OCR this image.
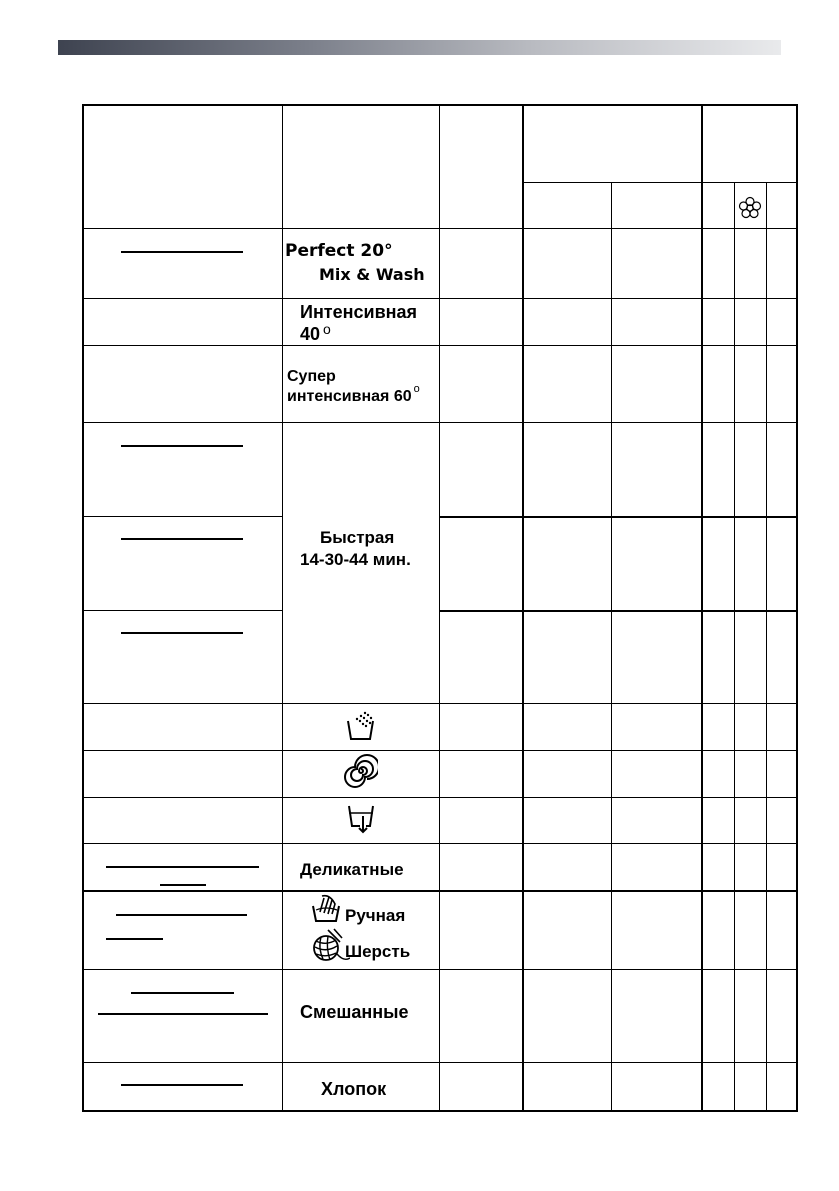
Perfect 20°
Mix & Wash
Интенсивная
40 $^o$
Супер
интенсивная 60 $^o$
Быстрая
14-30-44 мин.
Деликатные
Ручная
Шерсть
Смешанные
Хлопок
